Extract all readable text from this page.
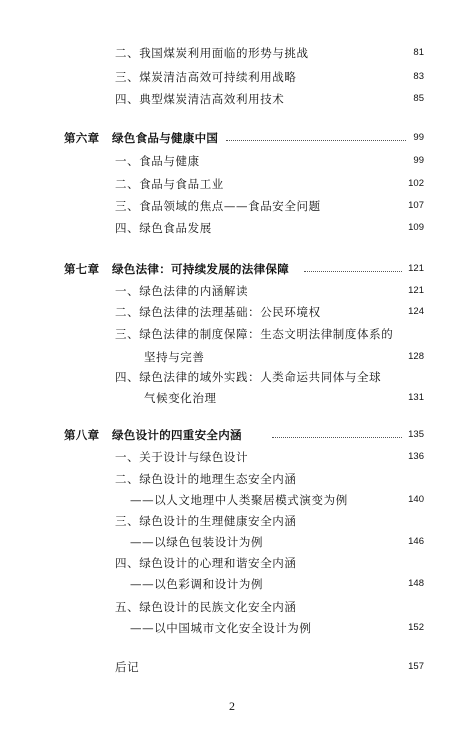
二、我国煤炭利用面临的形势与挑战	81
三、煤炭清洁高效可持续利用战略	83
四、典型煤炭清洁高效利用技术	85
第六章 绿色食品与健康中国	99
一、食品与健康	99
二、食品与食品工业	102
三、食品领域的焦点——食品安全问题	107
四、绿色食品发展	109
第七章 绿色法律：可持续发展的法律保障	121
一、绿色法律的内涵解读	121
二、绿色法律的法理基础：公民环境权	124
三、绿色法律的制度保障：生态文明法律制度体系的
坚持与完善	128
四、绿色法律的域外实践：人类命运共同体与全球
气候变化治理	131
第八章 绿色设计的四重安全内涵	135
一、关于设计与绿色设计	136
二、绿色设计的地理生态安全内涵
——以人文地理中人类聚居模式演变为例	140
三、绿色设计的生理健康安全内涵
——以绿色包装设计为例	146
四、绿色设计的心理和谐安全内涵
——以色彩调和设计为例	148
五、绿色设计的民族文化安全内涵
——以中国城市文化安全设计为例	152
后记	157
2
